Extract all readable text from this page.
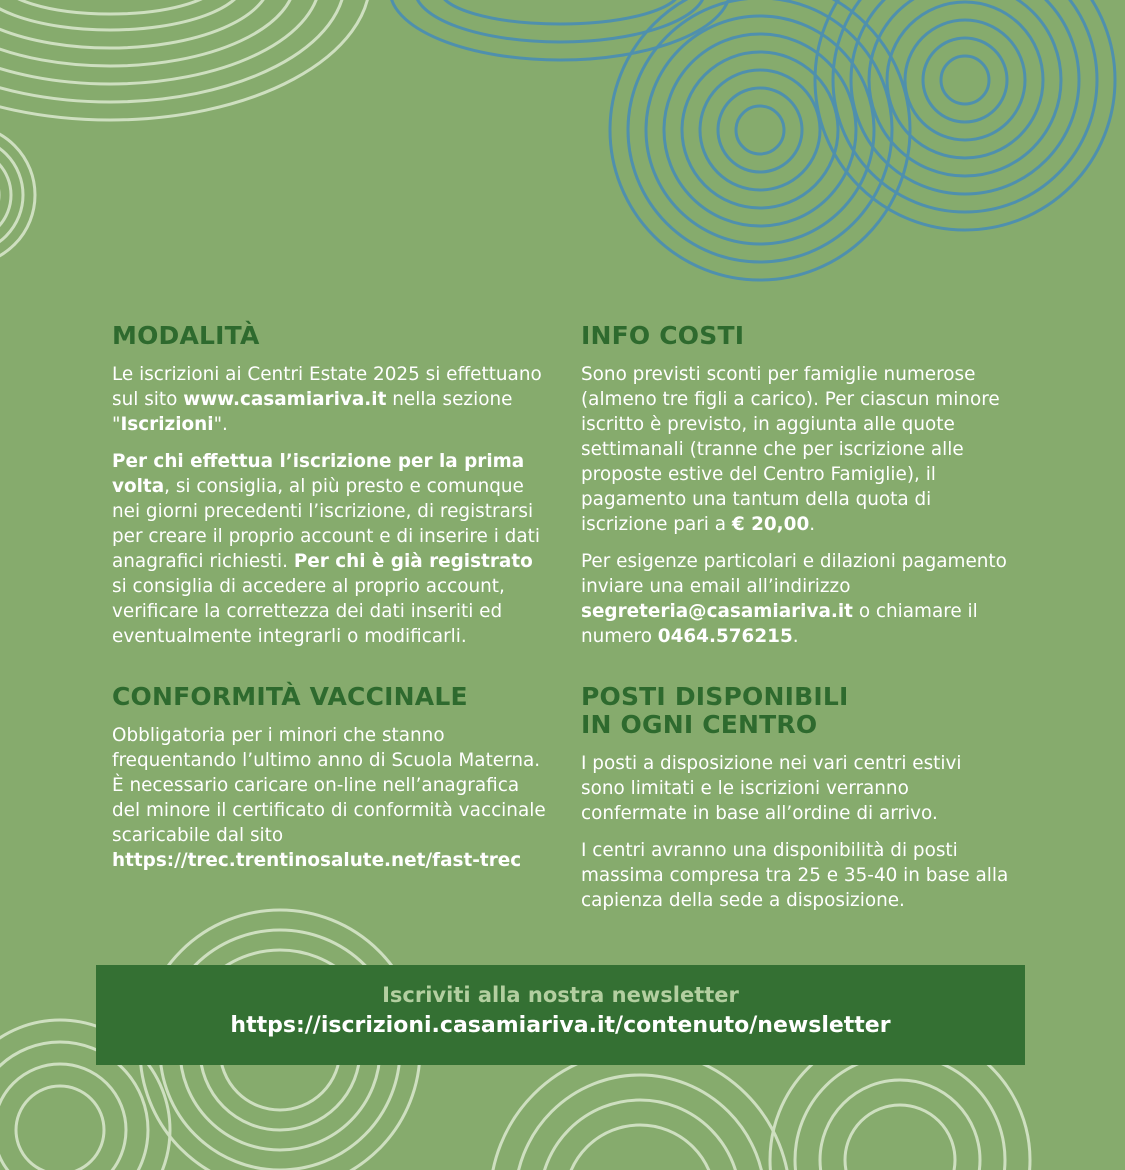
MODALITÀ

Le iscrizioni ai Centri Estate 2025 si effettuano sul sito www.casamiariva.it nella sezione "Iscrizioni".

Per chi effettua l’iscrizione per la prima volta, si consiglia, al più presto e comunque nei giorni precedenti l’iscrizione, di registrarsi per creare il proprio account e di inserire i dati anagrafici richiesti. Per chi è già registrato si consiglia di accedere al proprio account, verificare la correttezza dei dati inseriti ed eventualmente integrarli o modificarli.

CONFORMITÀ VACCINALE

Obbligatoria per i minori che stanno frequentando l’ultimo anno di Scuola Materna. È necessario caricare on-line nell’anagrafica del minore il certificato di conformità vaccinale scaricabile dal sito https://trec.trentinosalute.net/fast-trec

INFO COSTI

Sono previsti sconti per famiglie numerose (almeno tre figli a carico). Per ciascun minore iscritto è previsto, in aggiunta alle quote settimanali (tranne che per iscrizione alle proposte estive del Centro Famiglie), il pagamento una tantum della quota di iscrizione pari a € 20,00.

Per esigenze particolari e dilazioni pagamento inviare una email all’indirizzo segreteria@casamiariva.it o chiamare il numero 0464.576215.

POSTI DISPONIBILI
IN OGNI CENTRO

I posti a disposizione nei vari centri estivi sono limitati e le iscrizioni verranno confermate in base all’ordine di arrivo.

I centri avranno una disponibilità di posti massima compresa tra 25 e 35-40 in base alla capienza della sede a disposizione.

Iscriviti alla nostra newsletter
https://iscrizioni.casamiariva.it/contenuto/newsletter
